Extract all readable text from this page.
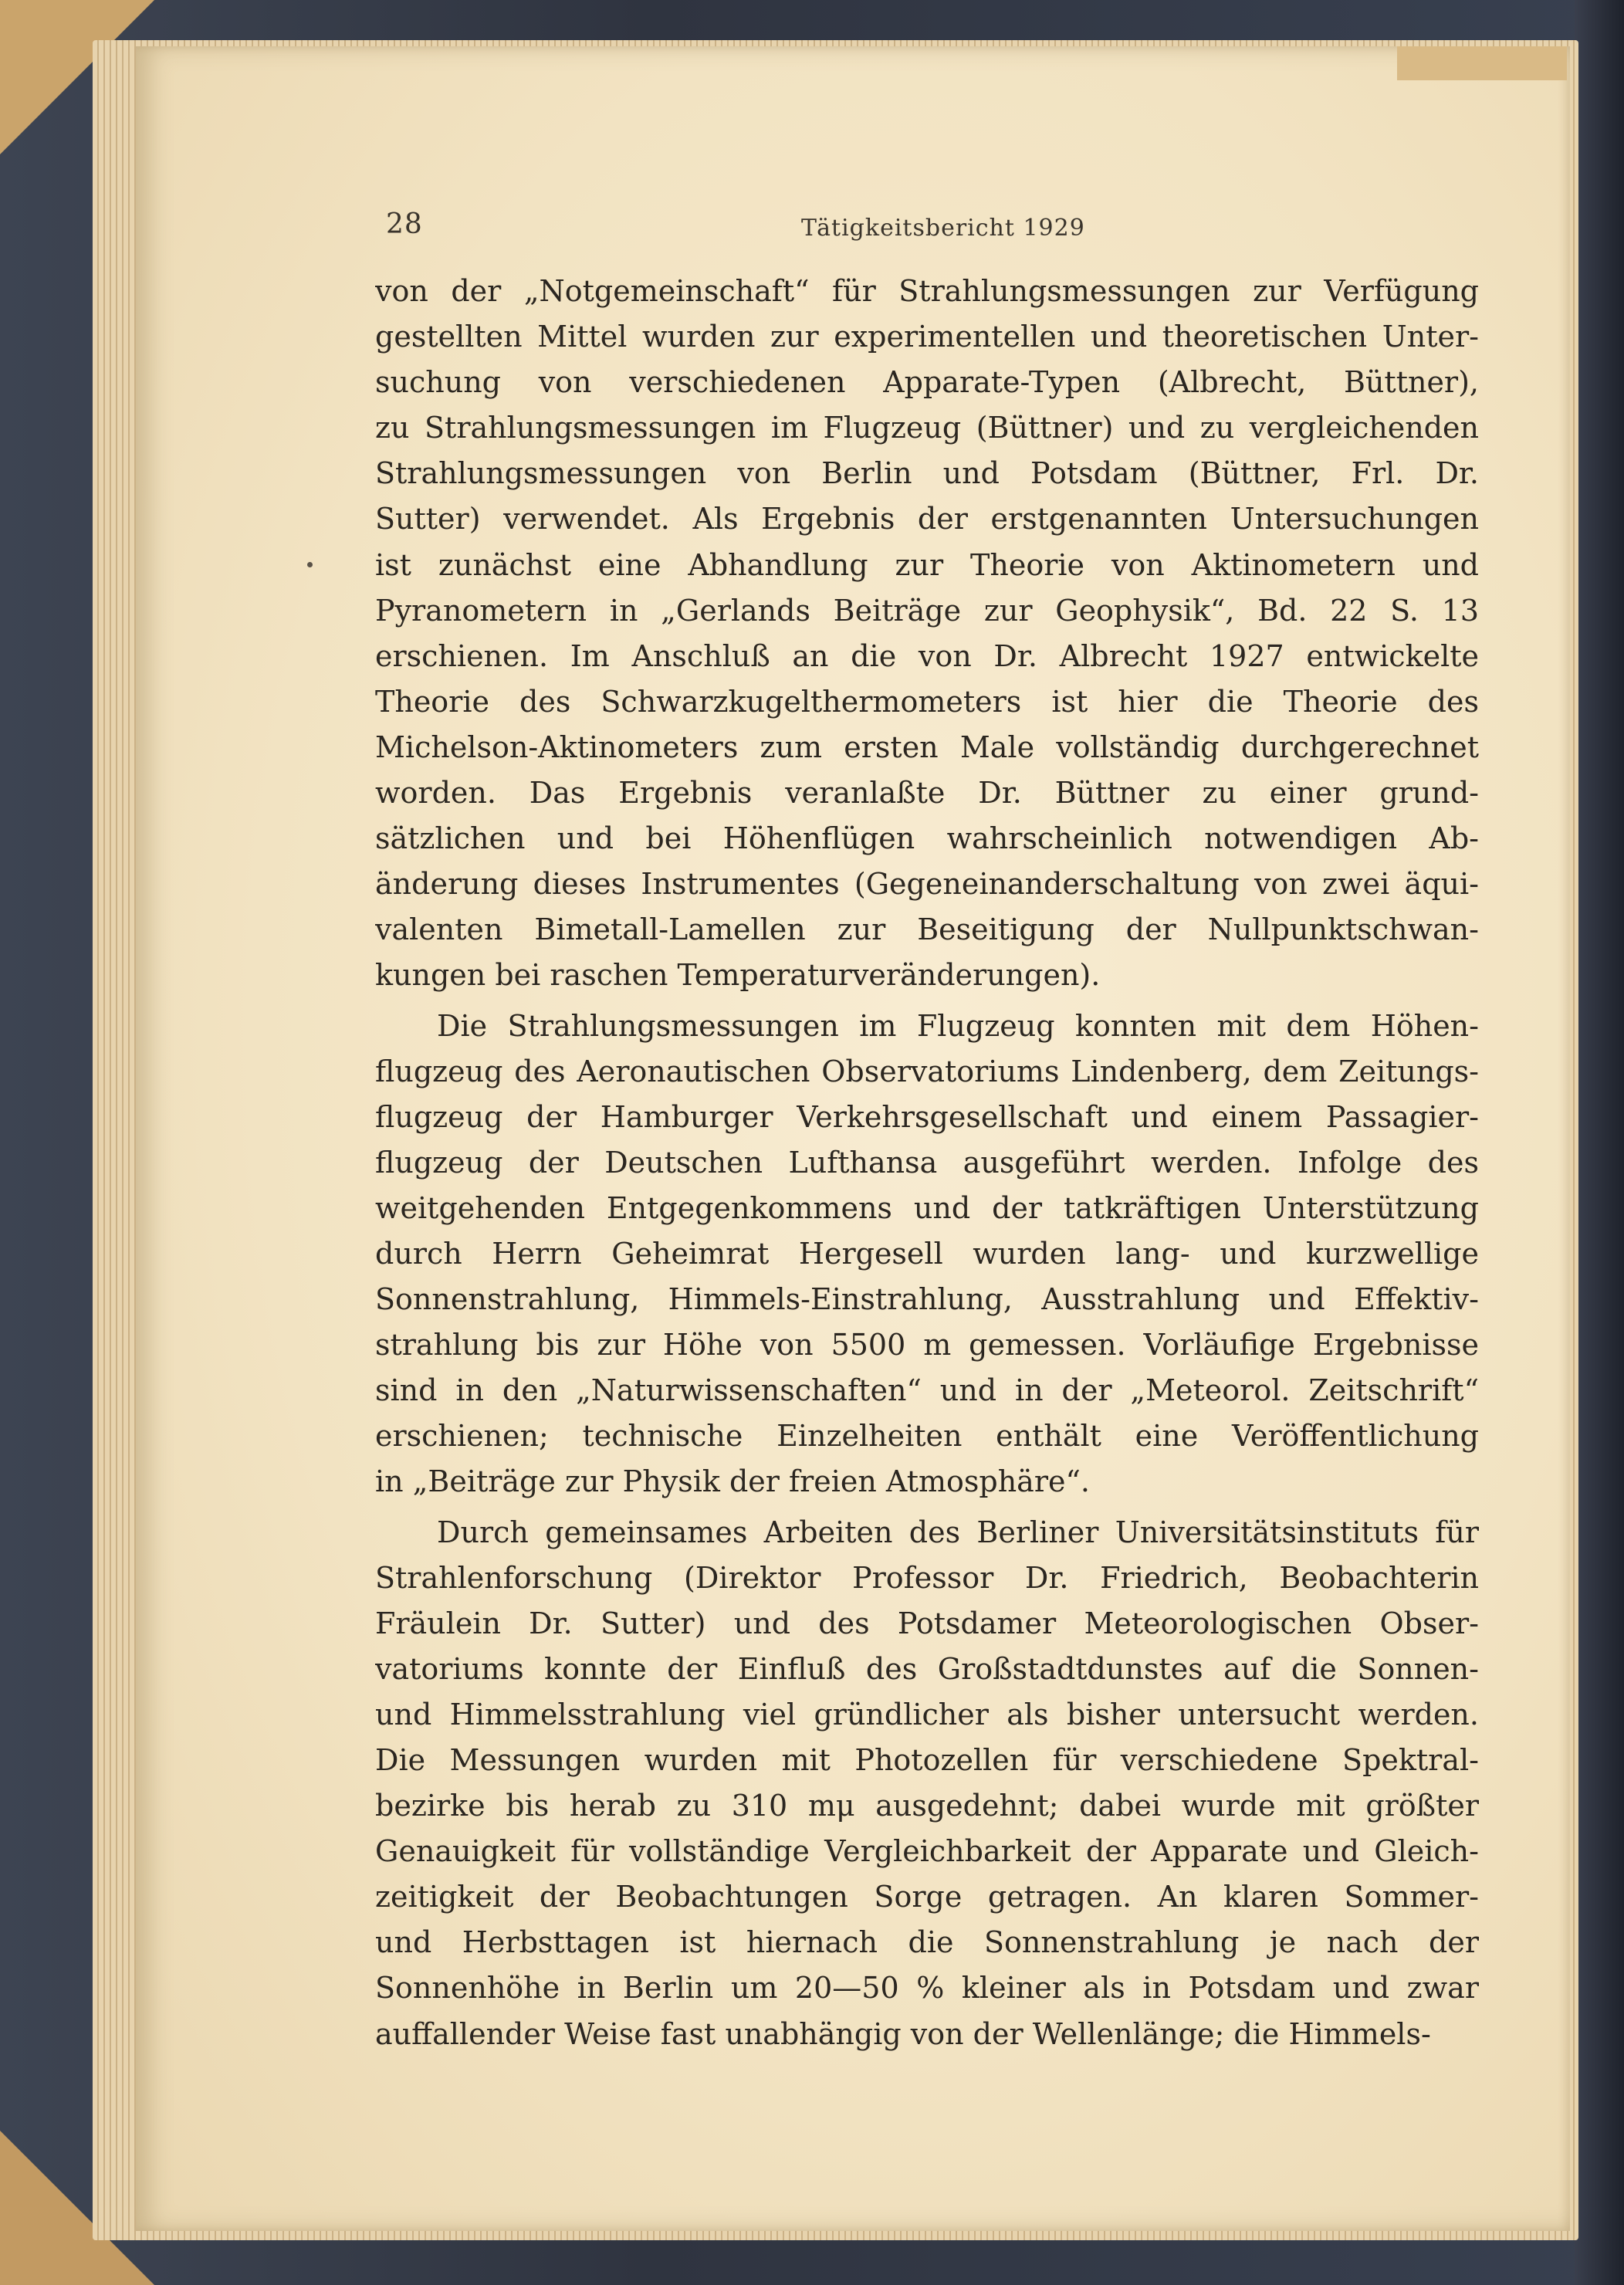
28	Tätigkeitsbericht 1929
von der „Notgemeinschaft“ für Strahlungsmessungen zur Verfügung
gestellten Mittel wurden zur experimentellen und theoretischen Unter-
suchung von verschiedenen Apparate-Typen (Albrecht, Büttner),
zu Strahlungsmessungen im Flugzeug (Büttner) und zu vergleichenden
Strahlungsmessungen von Berlin und Potsdam (Büttner, Frl. Dr.
Sutter) verwendet. Als Ergebnis der erstgenannten Untersuchungen
ist zunächst eine Abhandlung zur Theorie von Aktinometern und
Pyranometern in „Gerlands Beiträge zur Geophysik“, Bd. 22 S. 13
erschienen. Im Anschluß an die von Dr. Albrecht 1927 entwickelte
Theorie des Schwarzkugelthermometers ist hier die Theorie des
Michelson-Aktinometers zum ersten Male vollständig durchgerechnet
worden. Das Ergebnis veranlaßte Dr. Büttner zu einer grund-
sätzlichen und bei Höhenflügen wahrscheinlich notwendigen Ab-
änderung dieses Instrumentes (Gegeneinanderschaltung von zwei äqui-
valenten Bimetall-Lamellen zur Beseitigung der Nullpunktschwan-
kungen bei raschen Temperaturveränderungen).
Die Strahlungsmessungen im Flugzeug konnten mit dem Höhen-
flugzeug des Aeronautischen Observatoriums Lindenberg, dem Zeitungs-
flugzeug der Hamburger Verkehrsgesellschaft und einem Passagier-
flugzeug der Deutschen Lufthansa ausgeführt werden. Infolge des
weitgehenden Entgegenkommens und der tatkräftigen Unterstützung
durch Herrn Geheimrat Hergesell wurden lang- und kurzwellige
Sonnenstrahlung, Himmels-Einstrahlung, Ausstrahlung und Effektiv-
strahlung bis zur Höhe von 5500 m gemessen. Vorläufige Ergebnisse
sind in den „Naturwissenschaften“ und in der „Meteorol. Zeitschrift“
erschienen; technische Einzelheiten enthält eine Veröffentlichung
in „Beiträge zur Physik der freien Atmosphäre“.
Durch gemeinsames Arbeiten des Berliner Universitätsinstituts für
Strahlenforschung (Direktor Professor Dr. Friedrich, Beobachterin
Fräulein Dr. Sutter) und des Potsdamer Meteorologischen Obser-
vatoriums konnte der Einfluß des Großstadtdunstes auf die Sonnen-
und Himmelsstrahlung viel gründlicher als bisher untersucht werden.
Die Messungen wurden mit Photozellen für verschiedene Spektral-
bezirke bis herab zu 310 mμ ausgedehnt; dabei wurde mit größter
Genauigkeit für vollständige Vergleichbarkeit der Apparate und Gleich-
zeitigkeit der Beobachtungen Sorge getragen. An klaren Sommer-
und Herbsttagen ist hiernach die Sonnenstrahlung je nach der
Sonnenhöhe in Berlin um 20—50 % kleiner als in Potsdam und zwar
auffallender Weise fast unabhängig von der Wellenlänge; die Himmels-
